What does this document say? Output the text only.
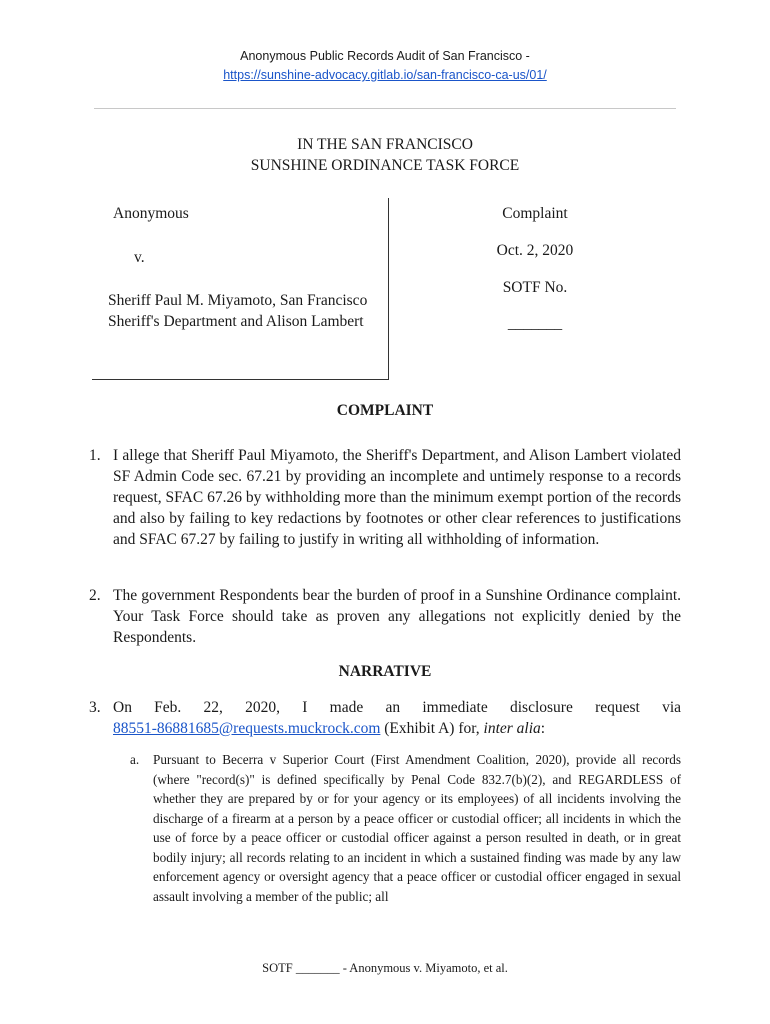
Anonymous Public Records Audit of San Francisco -
https://sunshine-advocacy.gitlab.io/san-francisco-ca-us/01/
IN THE SAN FRANCISCO
SUNSHINE ORDINANCE TASK FORCE
Anonymous
v.
Sheriff Paul M. Miyamoto, San Francisco Sheriff's Department and Alison Lambert
Complaint
Oct. 2, 2020
SOTF No.
_______
COMPLAINT
1. I allege that Sheriff Paul Miyamoto, the Sheriff's Department, and Alison Lambert violated SF Admin Code sec. 67.21 by providing an incomplete and untimely response to a records request, SFAC 67.26 by withholding more than the minimum exempt portion of the records and also by failing to key redactions by footnotes or other clear references to justifications and SFAC 67.27 by failing to justify in writing all withholding of information.
2. The government Respondents bear the burden of proof in a Sunshine Ordinance complaint. Your Task Force should take as proven any allegations not explicitly denied by the Respondents.
NARRATIVE
3. On Feb. 22, 2020, I made an immediate disclosure request via
88551-86881685@requests.muckrock.com (Exhibit A) for, inter alia:
a. Pursuant to Becerra v Superior Court (First Amendment Coalition, 2020), provide all records (where "record(s)" is defined specifically by Penal Code 832.7(b)(2), and REGARDLESS of whether they are prepared by or for your agency or its employees) of all incidents involving the discharge of a firearm at a person by a peace officer or custodial officer; all incidents in which the use of force by a peace officer or custodial officer against a person resulted in death, or in great bodily injury; all records relating to an incident in which a sustained finding was made by any law enforcement agency or oversight agency that a peace officer or custodial officer engaged in sexual assault involving a member of the public; all
SOTF _______ - Anonymous v. Miyamoto, et al.
